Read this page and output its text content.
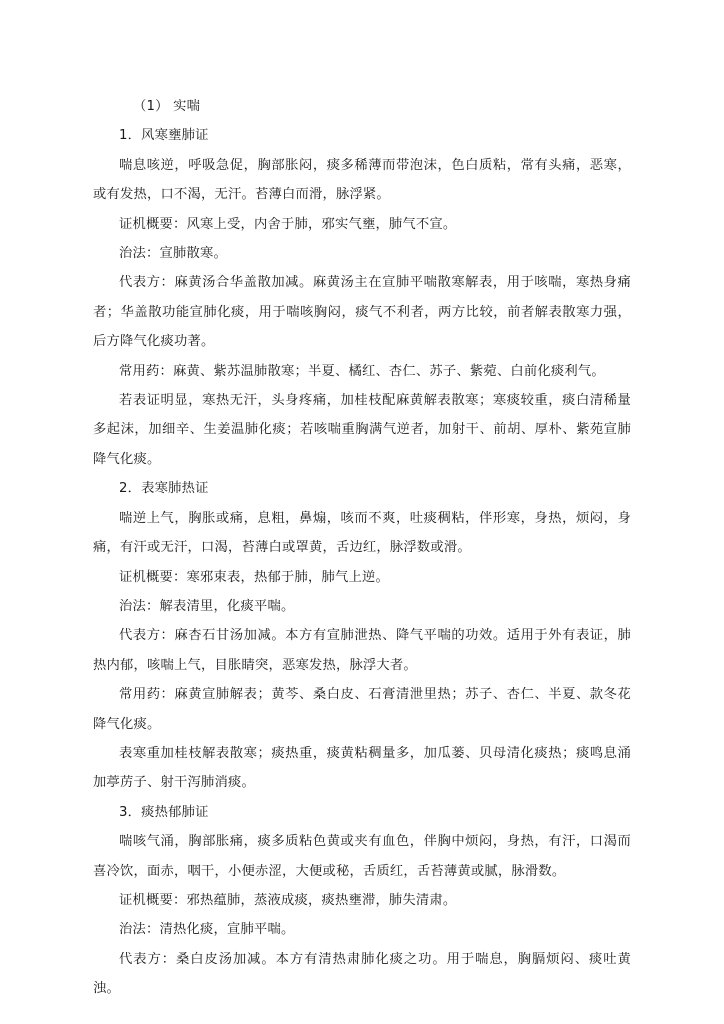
（1） 实喘

1．风寒壅肺证

喘息咳逆，呼吸急促，胸部胀闷，痰多稀薄而带泡沫，色白质粘，常有头痛，恶寒，或有发热，口不渴，无汗。苔薄白而滑，脉浮紧。

证机概要：风寒上受，内舍于肺，邪实气壅，肺气不宣。

治法：宣肺散寒。

代表方：麻黄汤合华盖散加减。麻黄汤主在宣肺平喘散寒解表，用于咳喘，寒热身痛者；华盖散功能宣肺化痰，用于喘咳胸闷，痰气不利者，两方比较，前者解表散寒力强，后方降气化痰功著。

常用药：麻黄、紫苏温肺散寒；半夏、橘红、杏仁、苏子、紫菀、白前化痰利气。

若表证明显，寒热无汗，头身疼痛，加桂枝配麻黄解表散寒；寒痰较重，痰白清稀量多起沫，加细辛、生姜温肺化痰；若咳喘重胸满气逆者，加射干、前胡、厚朴、紫苑宣肺降气化痰。

2．表寒肺热证

喘逆上气，胸胀或痛，息粗，鼻煽，咳而不爽，吐痰稠粘，伴形寒，身热，烦闷，身痛，有汗或无汗，口渴，苔薄白或罩黄，舌边红，脉浮数或滑。

证机概要：寒邪束表，热郁于肺，肺气上逆。

治法：解表清里，化痰平喘。

代表方：麻杏石甘汤加减。本方有宣肺泄热、降气平喘的功效。适用于外有表证，肺热内郁，咳喘上气，目胀睛突，恶寒发热，脉浮大者。

常用药：麻黄宣肺解表；黄芩、桑白皮、石膏清泄里热；苏子、杏仁、半夏、款冬花降气化痰。

表寒重加桂枝解表散寒；痰热重，痰黄粘稠量多，加瓜蒌、贝母清化痰热；痰鸣息涌加葶苈子、射干泻肺消痰。

3．痰热郁肺证

喘咳气涌，胸部胀痛，痰多质粘色黄或夹有血色，伴胸中烦闷，身热，有汗，口渴而喜冷饮，面赤，咽干，小便赤涩，大便或秘，舌质红，舌苔薄黄或腻，脉滑数。

证机概要：邪热蕴肺，蒸液成痰，痰热壅滞，肺失清肃。

治法：清热化痰，宣肺平喘。

代表方：桑白皮汤加减。本方有清热肃肺化痰之功。用于喘息，胸膈烦闷、痰吐黄浊。
